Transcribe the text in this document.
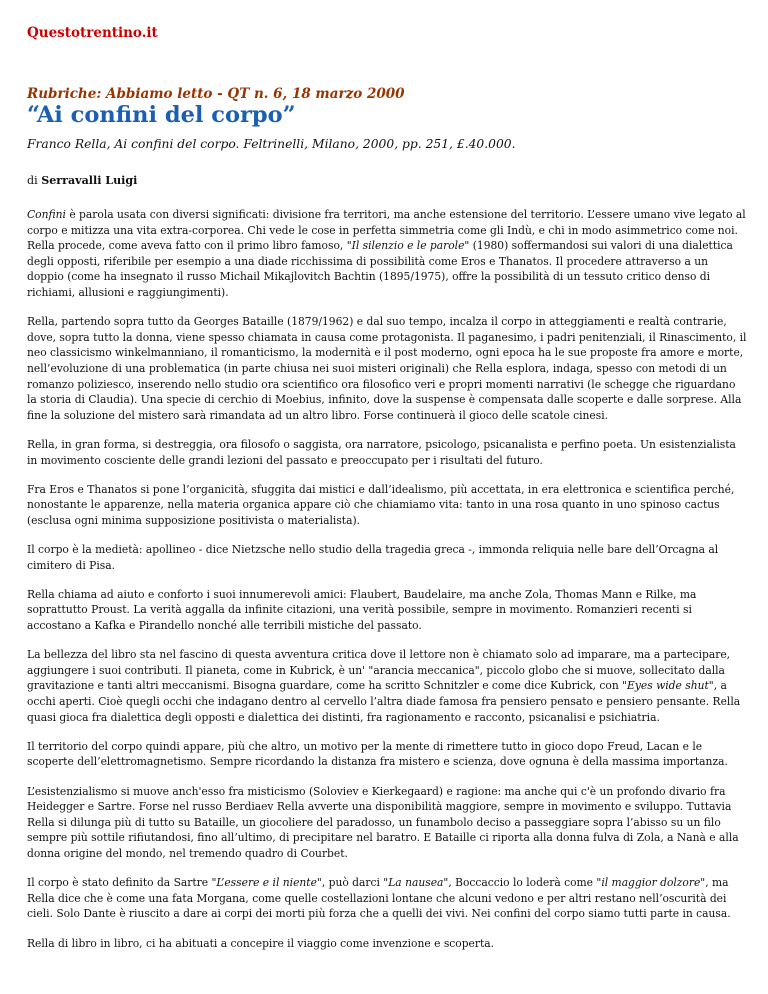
Questotrentino.it
Rubriche: Abbiamo letto - QT n. 6, 18 marzo 2000
“Ai confini del corpo”
Franco Rella, Ai confini del corpo. Feltrinelli, Milano, 2000, pp. 251, £.40.000.
di Serravalli Luigi

Confini è parola usata con diversi significati: divisione fra territori, ma anche estensione del territorio. L’essere umano vive legato al corpo e mitizza una vita extra-corporea. Chi vede le cose in perfetta simmetria come gli Indù, e chi in modo asimmetrico come noi. Rella procede, come aveva fatto con il primo libro famoso, "Il silenzio e le parole" (1980) soffermandosi sui valori di una dialettica degli opposti, riferibile per esempio a una diade ricchissima di possibilità come Eros e Thanatos. Il procedere attraverso a un doppio (come ha insegnato il russo Michail Mikajlovitch Bachtin (1895/1975), offre la possibilità di un tessuto critico denso di richiami, allusioni e raggiungimenti).

Rella, partendo sopra tutto da Georges Bataille (1879/1962) e dal suo tempo, incalza il corpo in atteggiamenti e realtà contrarie, dove, sopra tutto la donna, viene spesso chiamata in causa come protagonista. Il paganesimo, i padri penitenziali, il Rinascimento, il neo classicismo winkelmanniano, il romanticismo, la modernità e il post moderno, ogni epoca ha le sue proposte fra amore e morte, nell’evoluzione di una problematica (in parte chiusa nei suoi misteri originali) che Rella esplora, indaga, spesso con metodi di un romanzo poliziesco, inserendo nello studio ora scientifico ora filosofico veri e propri momenti narrativi (le schegge che riguardano la storia di Claudia). Una specie di cerchio di Moebius, infinito, dove la suspense è compensata dalle scoperte e dalle sorprese. Alla fine la soluzione del mistero sarà rimandata ad un altro libro. Forse continuerà il gioco delle scatole cinesi.

Rella, in gran forma, si destreggia, ora filosofo o saggista, ora narratore, psicologo, psicanalista e perfino poeta. Un esistenzialista in movimento cosciente delle grandi lezioni del passato e preoccupato per i risultati del futuro.

Fra Eros e Thanatos si pone l’organicità, sfuggita dai mistici e dall’idealismo, più accettata, in era elettronica e scientifica perché, nonostante le apparenze, nella materia organica appare ciò che chiamiamo vita: tanto in una rosa quanto in uno spinoso cactus (esclusa ogni minima supposizione positivista o materialista).

Il corpo è la medietà: apollineo - dice Nietzsche nello studio della tragedia greca -, immonda reliquia nelle bare dell’Orcagna al cimitero di Pisa.

Rella chiama ad aiuto e conforto i suoi innumerevoli amici: Flaubert, Baudelaire, ma anche Zola, Thomas Mann e Rilke, ma soprattutto Proust. La verità aggalla da infinite citazioni, una verità possibile, sempre in movimento. Romanzieri recenti si accostano a Kafka e Pirandello nonché alle terribili mistiche del passato.

La bellezza del libro sta nel fascino di questa avventura critica dove il lettore non è chiamato solo ad imparare, ma a partecipare, aggiungere i suoi contributi. Il pianeta, come in Kubrick, è un' "arancia meccanica", piccolo globo che si muove, sollecitato dalla gravitazione e tanti altri meccanismi. Bisogna guardare, come ha scritto Schnitzler e come dice Kubrick, con "Eyes wide shut", a occhi aperti. Cioè quegli occhi che indagano dentro al cervello l’altra diade famosa fra pensiero pensato e pensiero pensante. Rella quasi gioca fra dialettica degli opposti e dialettica dei distinti, fra ragionamento e racconto, psicanalisi e psichiatria.

Il territorio del corpo quindi appare, più che altro, un motivo per la mente di rimettere tutto in gioco dopo Freud, Lacan e le scoperte dell’elettromagnetismo. Sempre ricordando la distanza fra mistero e scienza, dove ognuna è della massima importanza.

L’esistenzialismo si muove anch'esso fra misticismo (Soloviev e Kierkegaard) e ragione: ma anche qui c'è un profondo divario fra Heidegger e Sartre. Forse nel russo Berdiaev Rella avverte una disponibilità maggiore, sempre in movimento e sviluppo. Tuttavia Rella si dilunga più di tutto su Bataille, un giocoliere del paradosso, un funambolo deciso a passeggiare sopra l’abisso su un filo sempre più sottile rifiutandosi, fino all’ultimo, di precipitare nel baratro. E Bataille ci riporta alla donna fulva di Zola, a Nanà e alla donna origine del mondo, nel tremendo quadro di Courbet.

Il corpo è stato definito da Sartre "L’essere e il niente", può darci "La nausea", Boccaccio lo loderà come "il maggior dolzore", ma Rella dice che è come una fata Morgana, come quelle costellazioni lontane che alcuni vedono e per altri restano nell’oscurità dei cieli. Solo Dante è riuscito a dare ai corpi dei morti più forza che a quelli dei vivi. Nei confini del corpo siamo tutti parte in causa.

Rella di libro in libro, ci ha abituati a concepire il viaggio come invenzione e scoperta.
